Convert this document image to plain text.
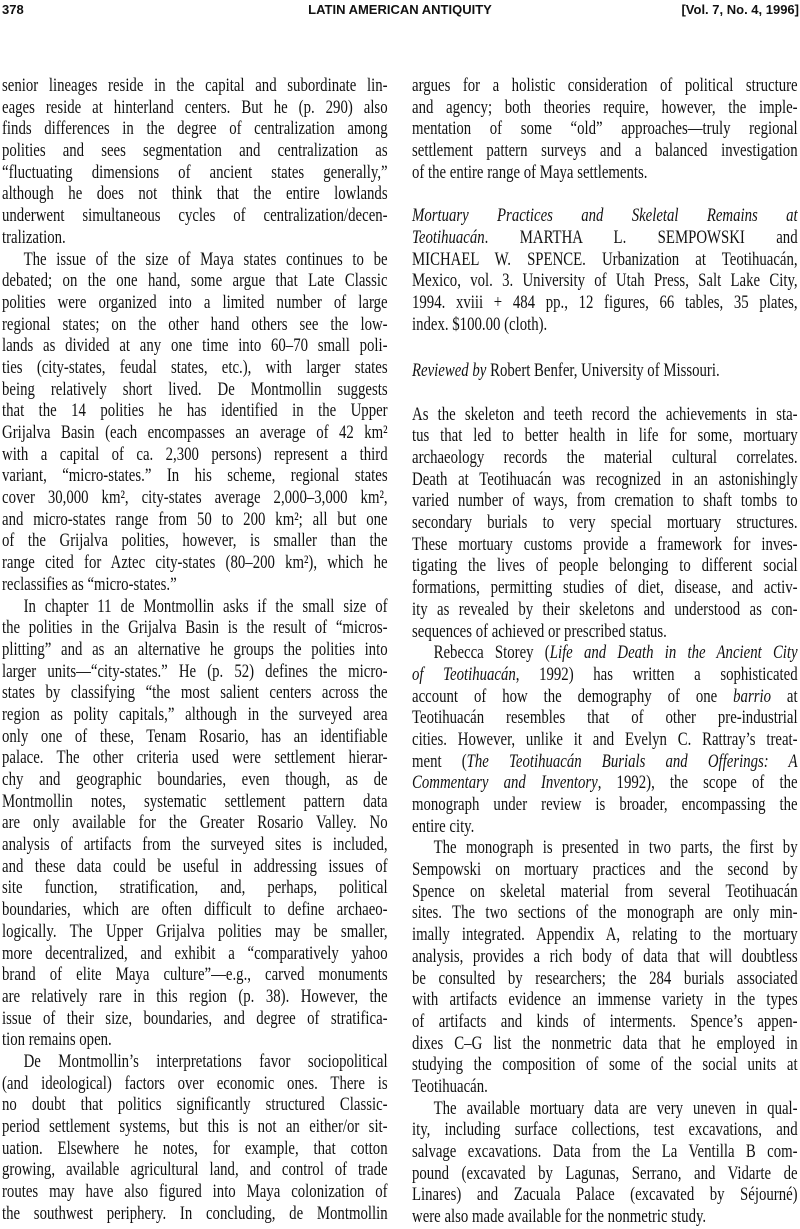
LATIN AMERICAN ANTIQUITY
378	[Vol. 7, No. 4, 1996]
senior lineages reside in the capital and subordinate lin-
eages reside at hinterland centers. But he (p. 290) also
finds differences in the degree of centralization among
polities and sees segmentation and centralization as
“fluctuating dimensions of ancient states generally,”
although he does not think that the entire lowlands
underwent simultaneous cycles of centralization/decen-
tralization.
The issue of the size of Maya states continues to be
debated; on the one hand, some argue that Late Classic
polities were organized into a limited number of large
regional states; on the other hand others see the low-
lands as divided at any one time into 60–70 small poli-
ties (city-states, feudal states, etc.), with larger states
being relatively short lived. De Montmollin suggests
that the 14 polities he has identified in the Upper
Grijalva Basin (each encompasses an average of 42 km²
with a capital of ca. 2,300 persons) represent a third
variant, “micro-states.” In his scheme, regional states
cover 30,000 km², city-states average 2,000–3,000 km²,
and micro-states range from 50 to 200 km²; all but one
of the Grijalva polities, however, is smaller than the
range cited for Aztec city-states (80–200 km²), which he
reclassifies as “micro-states.”
In chapter 11 de Montmollin asks if the small size of
the polities in the Grijalva Basin is the result of “micros-
plitting” and as an alternative he groups the polities into
larger units—“city-states.” He (p. 52) defines the micro-
states by classifying “the most salient centers across the
region as polity capitals,” although in the surveyed area
only one of these, Tenam Rosario, has an identifiable
palace. The other criteria used were settlement hierar-
chy and geographic boundaries, even though, as de
Montmollin notes, systematic settlement pattern data
are only available for the Greater Rosario Valley. No
analysis of artifacts from the surveyed sites is included,
and these data could be useful in addressing issues of
site function, stratification, and, perhaps, political
boundaries, which are often difficult to define archaeo-
logically. The Upper Grijalva polities may be smaller,
more decentralized, and exhibit a “comparatively yahoo
brand of elite Maya culture”—e.g., carved monuments
are relatively rare in this region (p. 38). However, the
issue of their size, boundaries, and degree of stratifica-
tion remains open.
De Montmollin’s interpretations favor sociopolitical
(and ideological) factors over economic ones. There is
no doubt that politics significantly structured Classic-
period settlement systems, but this is not an either/or sit-
uation. Elsewhere he notes, for example, that cotton
growing, available agricultural land, and control of trade
routes may have also figured into Maya colonization of
the southwest periphery. In concluding, de Montmollin
argues for a holistic consideration of political structure
and agency; both theories require, however, the imple-
mentation of some “old” approaches—truly regional
settlement pattern surveys and a balanced investigation
of the entire range of Maya settlements.
Mortuary Practices and Skeletal Remains at
Teotihuacán. MARTHA L. SEMPOWSKI and
MICHAEL W. SPENCE. Urbanization at Teotihuacán,
Mexico, vol. 3. University of Utah Press, Salt Lake City,
1994. xviii + 484 pp., 12 figures, 66 tables, 35 plates,
index. $100.00 (cloth).
Reviewed by Robert Benfer, University of Missouri.
As the skeleton and teeth record the achievements in sta-
tus that led to better health in life for some, mortuary
archaeology records the material cultural correlates.
Death at Teotihuacán was recognized in an astonishingly
varied number of ways, from cremation to shaft tombs to
secondary burials to very special mortuary structures.
These mortuary customs provide a framework for inves-
tigating the lives of people belonging to different social
formations, permitting studies of diet, disease, and activ-
ity as revealed by their skeletons and understood as con-
sequences of achieved or prescribed status.
Rebecca Storey (Life and Death in the Ancient City
of Teotihuacán, 1992) has written a sophisticated
account of how the demography of one barrio at
Teotihuacán resembles that of other pre-industrial
cities. However, unlike it and Evelyn C. Rattray’s treat-
ment (The Teotihuacán Burials and Offerings: A
Commentary and Inventory, 1992), the scope of the
monograph under review is broader, encompassing the
entire city.
The monograph is presented in two parts, the first by
Sempowski on mortuary practices and the second by
Spence on skeletal material from several Teotihuacán
sites. The two sections of the monograph are only min-
imally integrated. Appendix A, relating to the mortuary
analysis, provides a rich body of data that will doubtless
be consulted by researchers; the 284 burials associated
with artifacts evidence an immense variety in the types
of artifacts and kinds of interments. Spence’s appen-
dixes C–G list the nonmetric data that he employed in
studying the composition of some of the social units at
Teotihuacán.
The available mortuary data are very uneven in qual-
ity, including surface collections, test excavations, and
salvage excavations. Data from the La Ventilla B com-
pound (excavated by Lagunas, Serrano, and Vidarte de
Linares) and Zacuala Palace (excavated by Séjourné)
were also made available for the nonmetric study.
